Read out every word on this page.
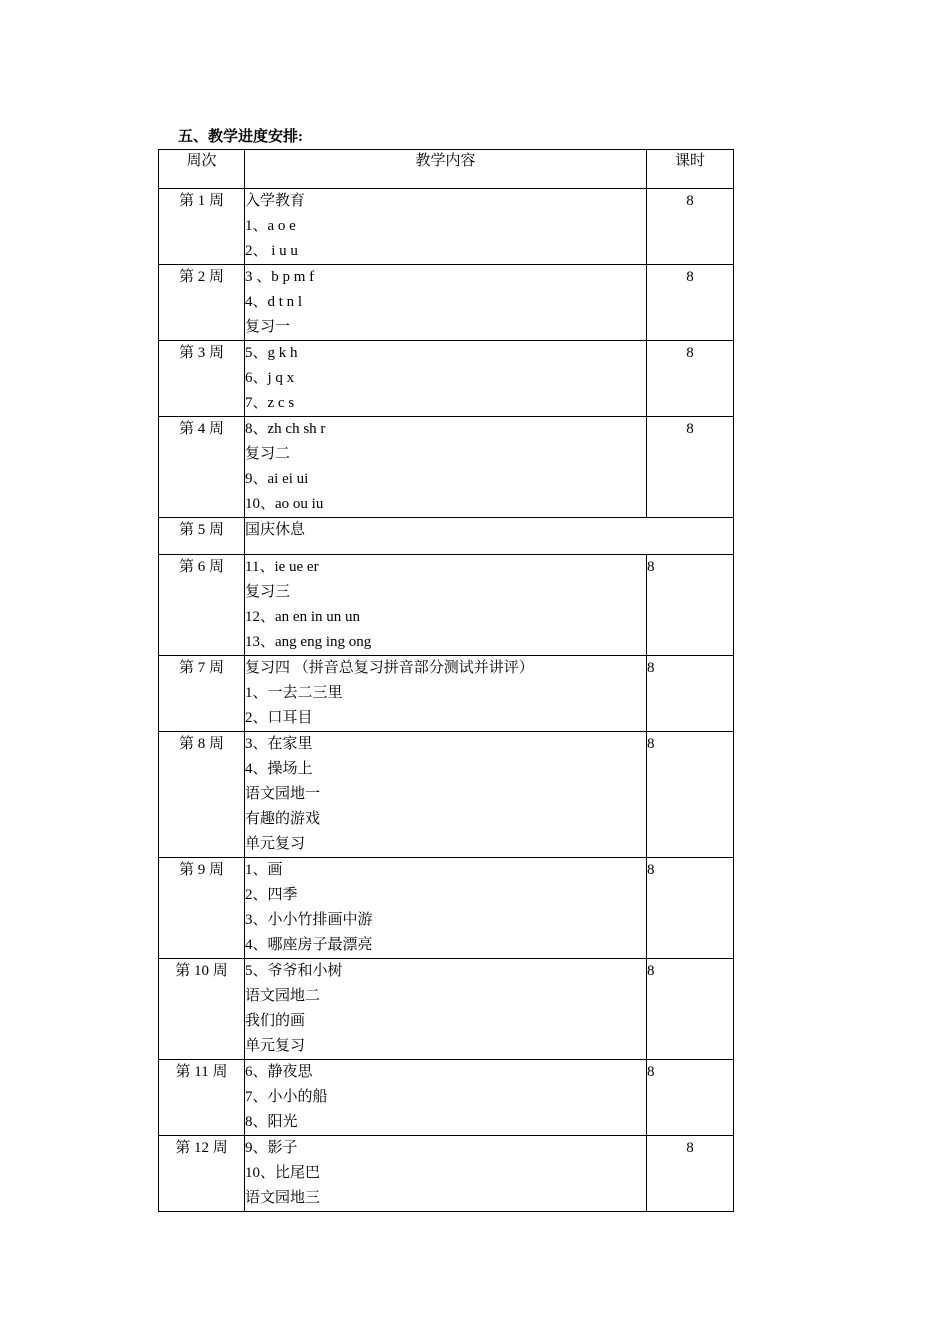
五、教学进度安排:

周次	教学内容	课时
第 1 周	入学教育
1、a o e
2、 i u u	8
第 2 周	3 、b p m f
4、d t n l
复习一	8
第 3 周	5、g k h
6、j q x
7、z c s	8
第 4 周	8、zh ch sh r
复习二
9、ai ei ui
10、ao ou iu	8
第 5 周	国庆休息	

第 6 周	11、ie ue er
复习三
12、an en in un un
13、ang eng ing ong	8
第 7 周	复习四 （拼音总复习拼音部分测试并讲评）
1、一去二三里
2、口耳目	8
第 8 周	3、在家里
4、操场上
语文园地一
有趣的游戏
单元复习	8
第 9 周	1、画
2、四季
3、小小竹排画中游
4、哪座房子最漂亮	8
第 10 周	5、爷爷和小树
语文园地二
我们的画
单元复习	8
第 11 周	6、静夜思
7、小小的船
8、阳光	8
第 12 周	9、影子
10、比尾巴
语文园地三	8
